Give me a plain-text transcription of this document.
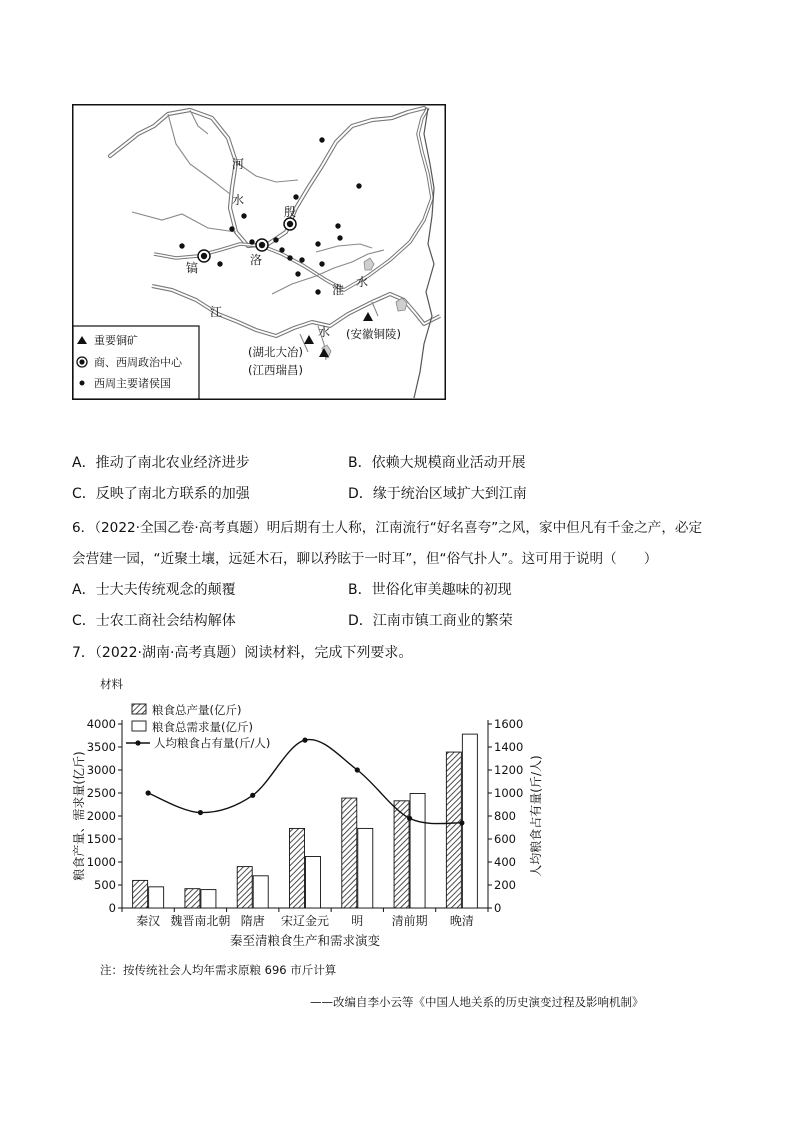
河
水
殷
镐
洛
淮
水
江
水 (安徽铜陵)
(湖北大冶)
(江西瑞昌)
重要铜矿
商、西周政治中心
西周主要诸侯国
A．推动了南北农业经济进步	B．依赖大规模商业活动开展
C．反映了南北方联系的加强	D．缘于统治区域扩大到江南
6．（2022·全国乙卷·高考真题）明后期有士人称，江南流行“好名喜夸”之风，家中但凡有千金之产，必定
会营建一园，“近聚土壤，远延木石，聊以矜眩于一时耳”，但“俗气扑人”。这可用于说明（　　）
A．士大夫传统观念的颠覆	B．世俗化审美趣味的初现
C．士农工商社会结构解体	D．江南市镇工商业的繁荣
7．（2022·湖南·高考真题）阅读材料，完成下列要求。
材料
0
500
1000
1500
2000
2500
3000
3500
4000
0
200
400
600
800
1000
1200
1400
1600
秦汉 魏晋南北朝 隋唐 宋辽金元 明 清前期 晚清
秦至清粮食生产和需求演变
粮食产量、需求量(亿斤)	人均粮食占有量(斤/人)
粮食总产量(亿斤)
粮食总需求量(亿斤)
人均粮食占有量(斤/人)
注：按传统社会人均年需求原粮 696 市斤计算
——改编自李小云等《中国人地关系的历史演变过程及影响机制》
